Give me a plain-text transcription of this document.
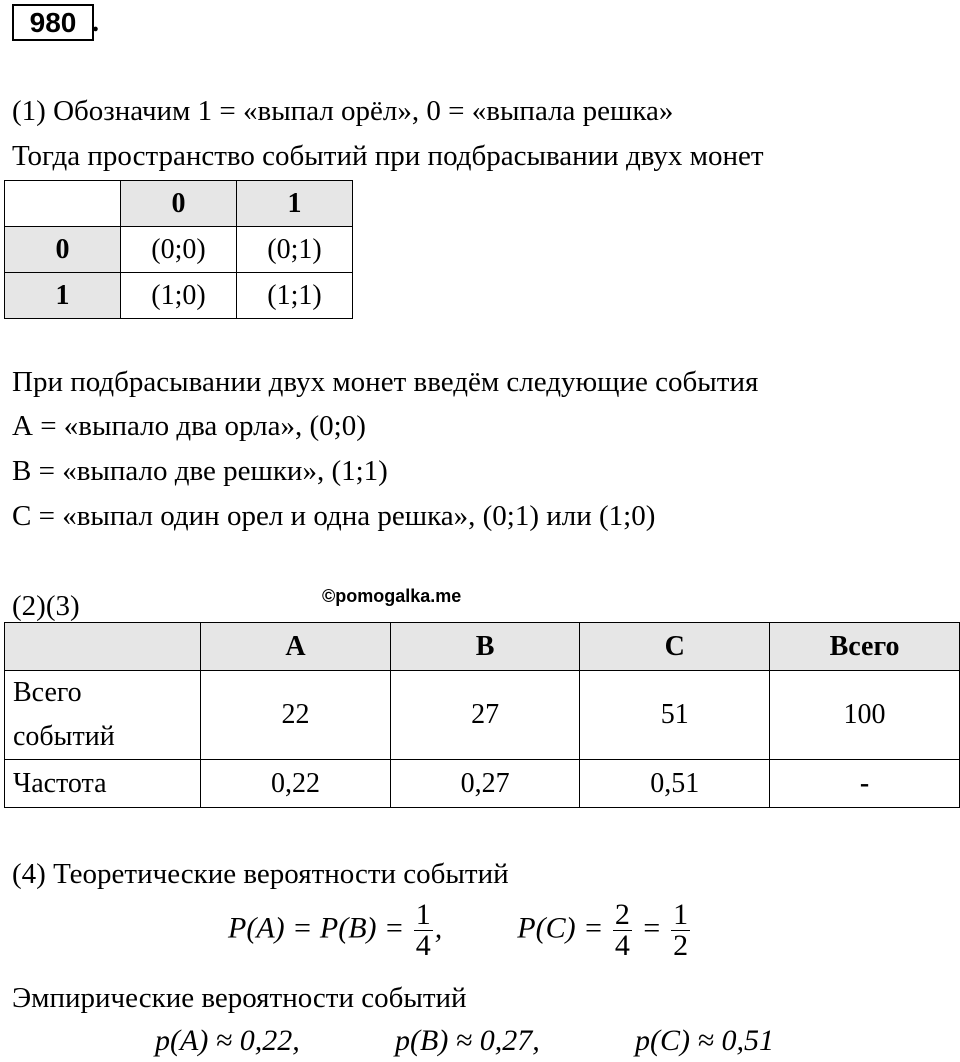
980 .
(1) Обозначим 1 = «выпал орёл», 0 = «выпала решка»
Тогда пространство событий при подбрасывании двух монет
	0	1
0	(0;0)	(0;1)
1	(1;0)	(1;1)
При подбрасывании двух монет введём следующие события
А = «выпало два орла», (0;0)
В = «выпало две решки», (1;1)
С = «выпал один орел и одна решка», (0;1) или (1;0)
(2)(3)	©pomogalka.me
	A	B	C	Всего

Всего
событий	22	27	51	100
Частота	0,22	0,27	0,51	-
(4) Теоретические вероятности событий
$P(A) = P(B) = \frac{1}{4}$ ,	$P(C) = \frac{2}{4} = \frac{1}{2}$
Эмпирические вероятности событий
p(A) ≈ 0,22,	p(B) ≈ 0,27,	p(C) ≈ 0,51
